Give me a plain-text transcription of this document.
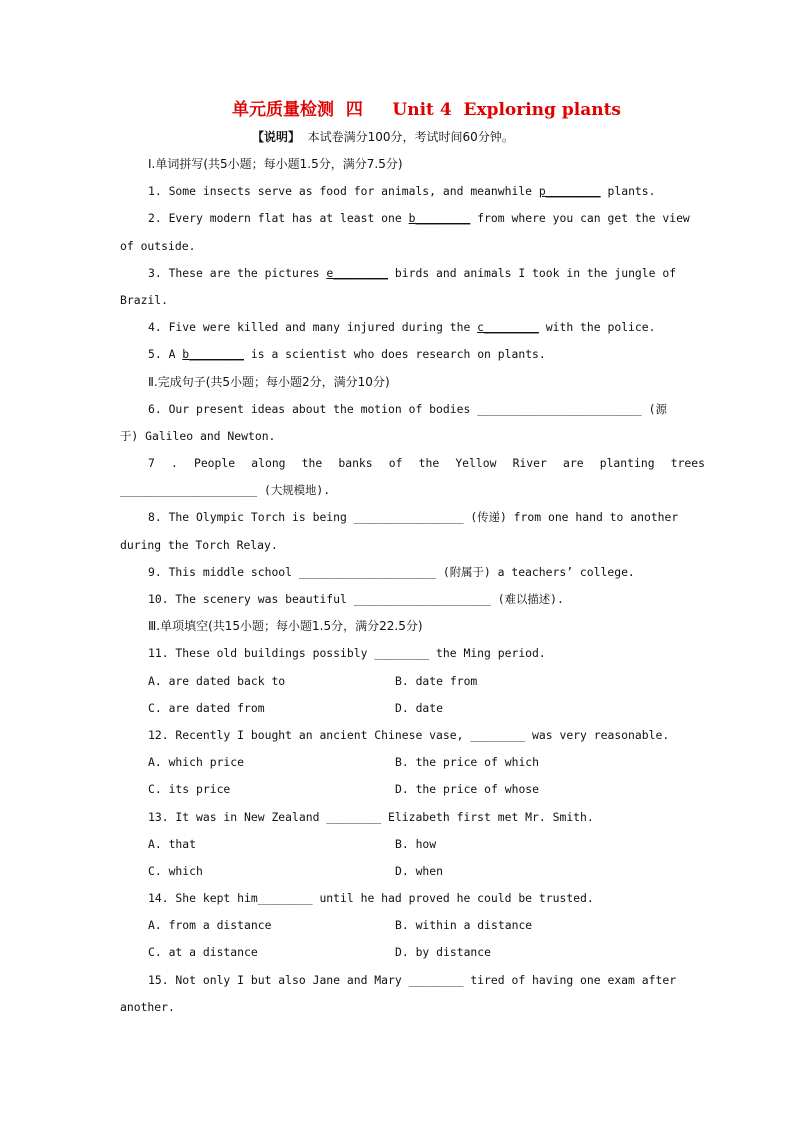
单元质量检测  四     Unit 4  Exploring plants
【说明】  本试卷满分100分，考试时间60分钟。
Ⅰ.单词拼写(共5小题；每小题1.5分，满分7.5分)
1. Some insects serve as food for animals, and meanwhile p________ plants.
2. Every modern flat has at least one b________ from where you can get the view
of outside.
3. These are the pictures e________ birds and animals I took in the jungle of
Brazil.
4. Five were killed and many injured during the c________ with the police.
5. A b________ is a scientist who does research on plants.
Ⅱ.完成句子(共5小题；每小题2分，满分10分)
6. Our present ideas about the motion of bodies ________________________ (源
于) Galileo and Newton.
7 . People along the banks of the Yellow River are planting trees
____________________ (大规模地).
8. The Olympic Torch is being ________________ (传递) from one hand to another
during the Torch Relay.
9. This middle school ____________________ (附属于) a teachers’ college.
10. The scenery was beautiful ____________________ (难以描述).
Ⅲ.单项填空(共15小题；每小题1.5分，满分22.5分)
11. These old buildings possibly ________ the Ming period.
A. are dated back to	B. date from
C. are dated from	D. date
12. Recently I bought an ancient Chinese vase, ________ was very reasonable.
A. which price	B. the price of which
C. its price	D. the price of whose
13. It was in New Zealand ________ Elizabeth first met Mr. Smith.
A. that	B. how
C. which	D. when
14. She kept him________ until he had proved he could be trusted.
A. from a distance	B. within a distance
C. at a distance	D. by distance
15. Not only I but also Jane and Mary ________ tired of having one exam after
another.
